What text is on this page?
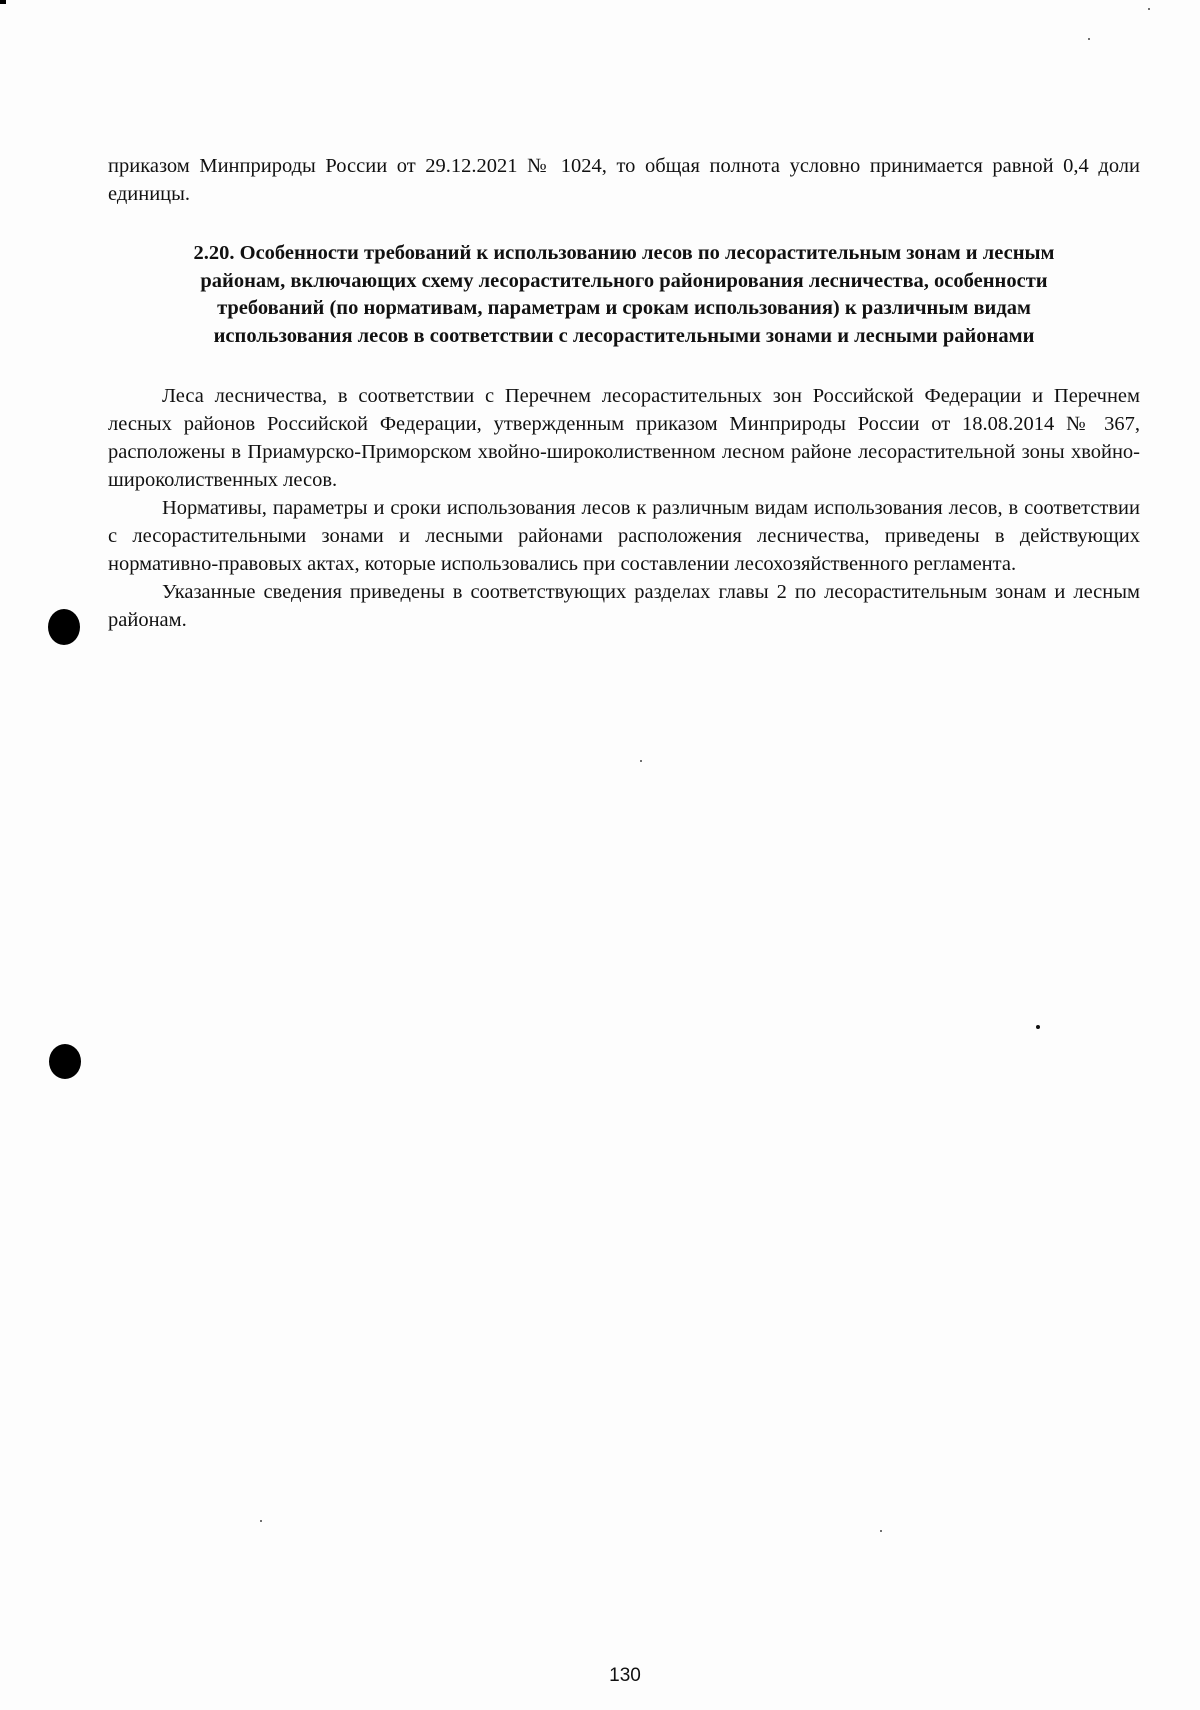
приказом Минприроды России от 29.12.2021 № 1024, то общая полнота условно принимается равной 0,4 доли единицы.
2.20. Особенности требований к использованию лесов по лесорастительным зонам и лесным
районам, включающих схему лесорастительного районирования лесничества, особенности
требований (по нормативам, параметрам и срокам использования) к различным видам
использования лесов в соответствии с лесорастительными зонами и лесными районами

Леса лесничества, в соответствии с Перечнем лесорастительных зон Российской Федерации и Перечнем лесных районов Российской Федерации, утвержденным приказом Минприроды России от 18.08.2014 № 367, расположены в Приамурско-Приморском хвойно-широколиственном лесном районе лесорастительной зоны хвойно-широколиственных лесов.

Нормативы, параметры и сроки использования лесов к различным видам использования лесов, в соответствии с лесорастительными зонами и лесными районами расположения лесничества, приведены в действующих нормативно-правовых актах, которые использовались при составлении лесохозяйственного регламента.

Указанные сведения приведены в соответствующих разделах главы 2 по лесорастительным зонам и лесным районам.

130
